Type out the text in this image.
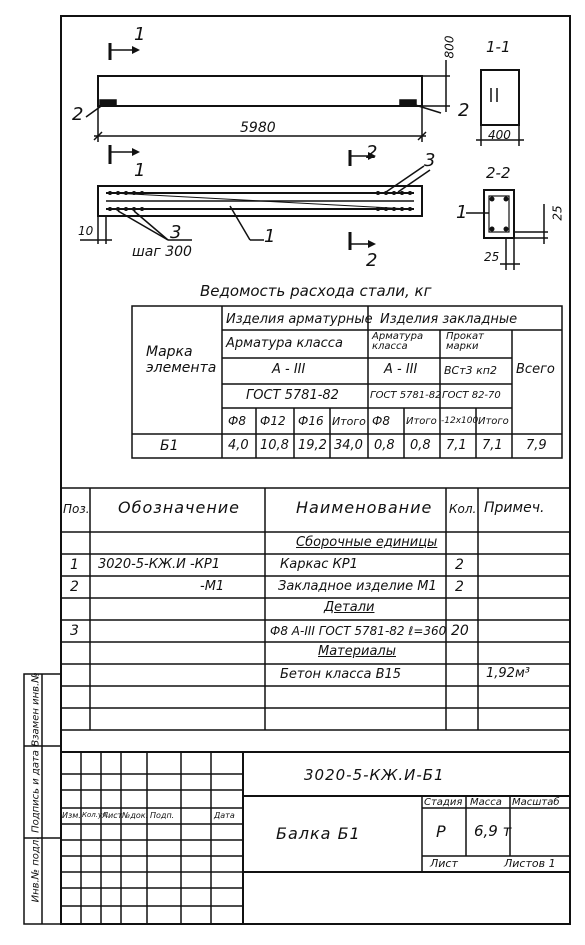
1
800
2
2
5980
1
2
2
3
3	1
10
шаг 300
1-1
400
2-2
1	25
25
Ведомость расхода стали, кг
Марка элемента
Изделия арматурные Изделия закладные
Арматура класса	Арматура класса
Прокат марки
Всего
A - III	A - III ВСт3 кп2
ГОСТ 5781-82	ГОСТ 5781-82 ГОСТ 82-70
Ф8 Ф12 Ф16 Итого Ф8 Итого -12х100 Итого
Б1	4,0 10,8 19,2 34,0 0,8 0,8 7,1 7,1 7,9
Поз. Обозначение	Наименование Кол. Примеч.
Сборочные единицы
1 3020-5-КЖ.И -КР1	Каркас КР1	2
2	-М1	Закладное изделие М1 2
Детали
3	Ф8 А-III ГОСТ 5781-82 ℓ=360 20
Материалы
Бетон класса В15	1,92м³
3020-5-КЖ.И-Б1
Изм. Кол.уч.
Лист №док. Подп.	Дата
Балка Б1
Стадия Масса Масштаб
Р 6,9 т
Лист	Листов 1
Инв.№ подл.
Подпись и дата
Взамен инв.№
